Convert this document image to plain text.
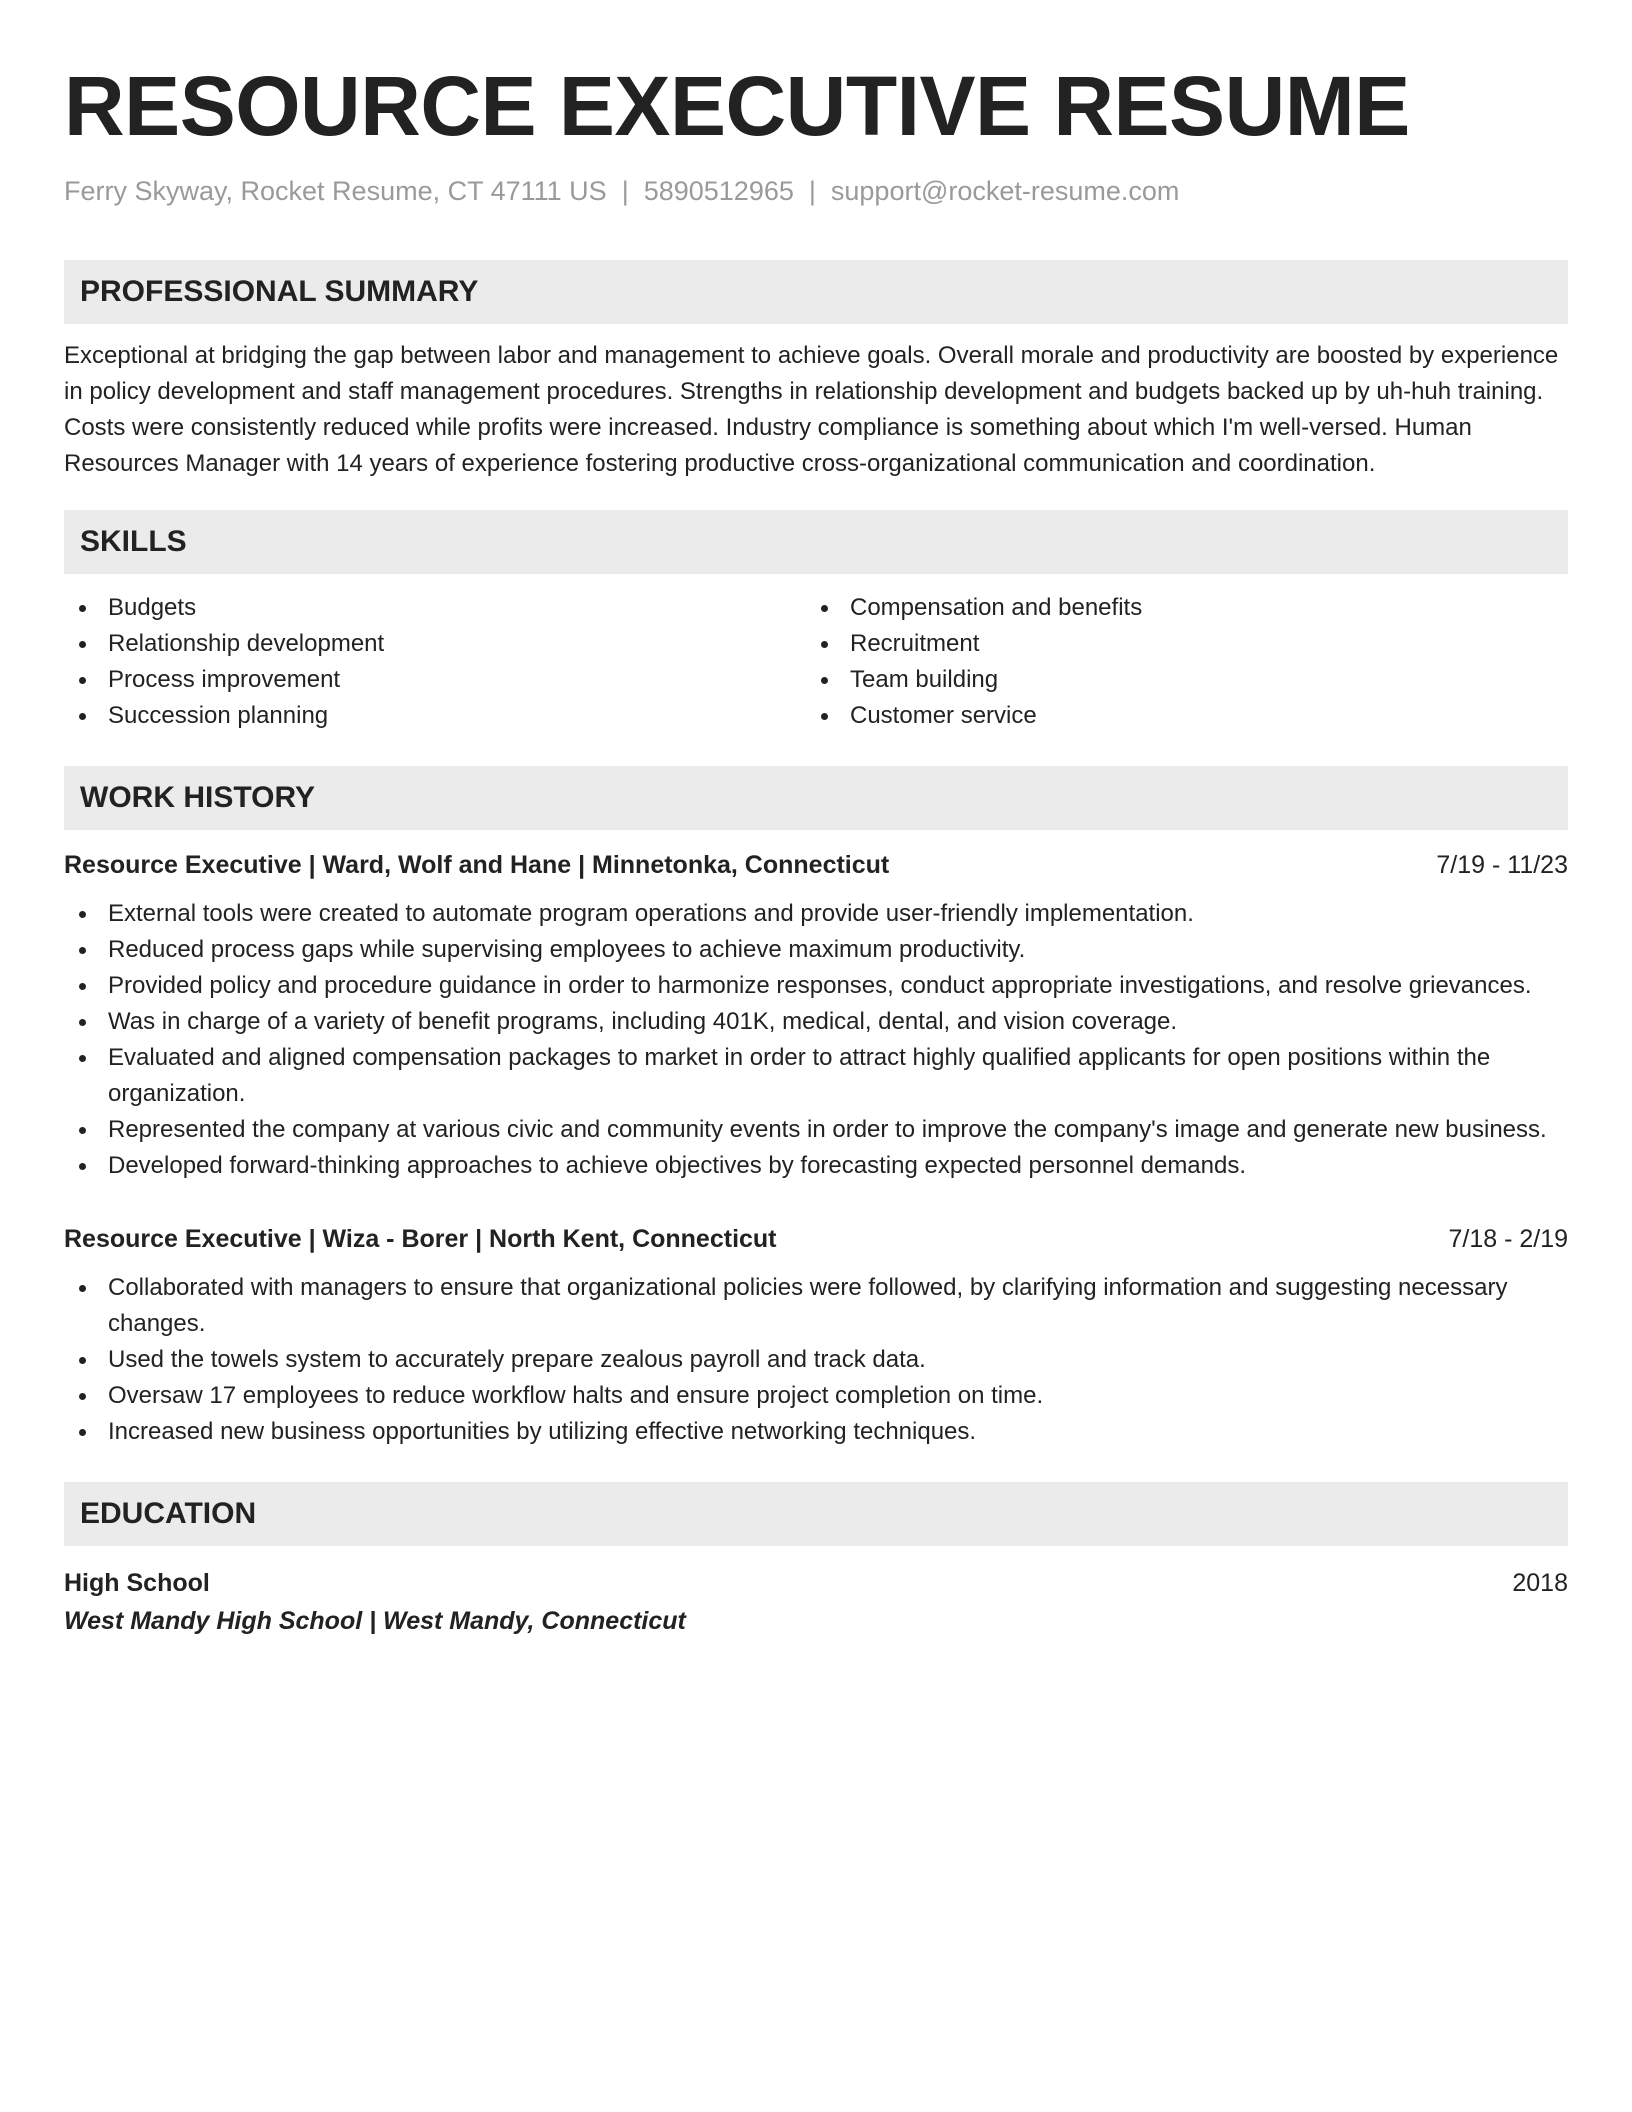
RESOURCE EXECUTIVE RESUME
Ferry Skyway, Rocket Resume, CT 47111 US | 5890512965 | support@rocket-resume.com
PROFESSIONAL SUMMARY
Exceptional at bridging the gap between labor and management to achieve goals. Overall morale and productivity are boosted by experience in policy development and staff management procedures. Strengths in relationship development and budgets backed up by uh-huh training. Costs were consistently reduced while profits were increased. Industry compliance is something about which I'm well-versed. Human Resources Manager with 14 years of experience fostering productive cross-organizational communication and coordination.
SKILLS
Budgets
Relationship development
Process improvement
Succession planning
Compensation and benefits
Recruitment
Team building
Customer service
WORK HISTORY
Resource Executive | Ward, Wolf and Hane | Minnetonka, Connecticut	7/19 - 11/23
External tools were created to automate program operations and provide user-friendly implementation.
Reduced process gaps while supervising employees to achieve maximum productivity.
Provided policy and procedure guidance in order to harmonize responses, conduct appropriate investigations, and resolve grievances.
Was in charge of a variety of benefit programs, including 401K, medical, dental, and vision coverage.
Evaluated and aligned compensation packages to market in order to attract highly qualified applicants for open positions within the organization.
Represented the company at various civic and community events in order to improve the company's image and generate new business.
Developed forward-thinking approaches to achieve objectives by forecasting expected personnel demands.
Resource Executive | Wiza - Borer | North Kent, Connecticut	7/18 - 2/19
Collaborated with managers to ensure that organizational policies were followed, by clarifying information and suggesting necessary changes.
Used the towels system to accurately prepare zealous payroll and track data.
Oversaw 17 employees to reduce workflow halts and ensure project completion on time.
Increased new business opportunities by utilizing effective networking techniques.
EDUCATION
High School	2018
West Mandy High School | West Mandy, Connecticut
